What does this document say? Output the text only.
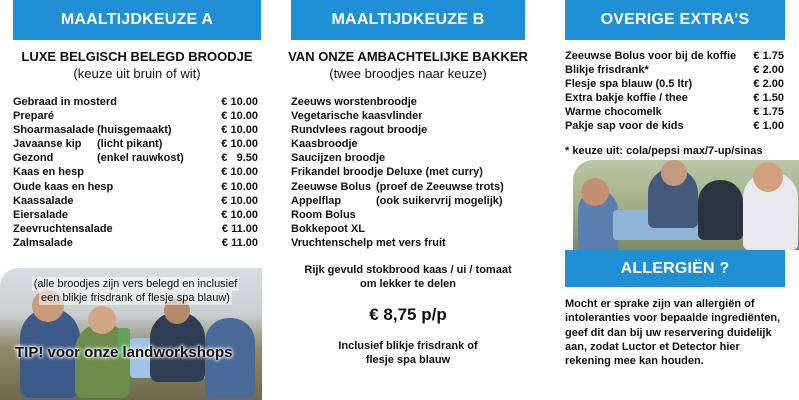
MAALTIJDKEUZE A
LUXE BELGISCH BELEGD BROODJE
(keuze uit bruin of wit)
Gebraad in mosterd	€ 10.00
Preparé	€ 10.00
Shoarmasalade (huisgemaakt)	€ 10.00
Javaanse kip (licht pikant)	€ 10.00
Gezond	(enkel rauwkost)	€   9.50
Kaas en hesp	€ 10.00
Oude kaas en hesp	€ 10.00
Kaassalade	€ 10.00
Eiersalade	€ 10.00
Zeevruchtensalade	€ 11.00
Zalmsalade	€ 11.00
(alle broodjes zijn vers belegd en inclusief
een blikje frisdrank of flesje spa blauw)
TIP! voor onze landworkshops
MAALTIJDKEUZE B
VAN ONZE AMBACHTELIJKE BAKKER
(twee broodjes naar keuze)
Zeeuws worstenbroodje
Vegetarische kaasvlinder
Rundvlees ragout broodje
Kaasbroodje
Saucijzen broodje
Frikandel broodje Deluxe (met curry)
Zeeuwse Bolus (proef de Zeeuwse trots)
Appelflap	(ook suikervrij mogelijk)
Room Bolus
Bokkepoot XL
Vruchtenschelp met vers fruit
Rijk gevuld stokbrood kaas / ui / tomaat
om lekker te delen
€ 8,75 p/p
Inclusief blikje frisdrank of
flesje spa blauw
OVERIGE EXTRA’S
Zeeuwse Bolus voor bij de koffie € 1.75
Blikje frisdrank*	€ 2.00
Flesje spa blauw (0.5 ltr)	€ 2.00
Extra bakje koffie / thee	€ 1.50
Warme chocomelk	€ 1.75
Pakje sap voor de kids	€ 1.00
* keuze uit: cola/pepsi max/7-up/sinas
ALLERGIËN ?
Mocht er sprake zijn van allergiën of
intoleranties voor bepaalde ingrediënten,
geef dit dan bij uw reservering duidelijk
aan, zodat Luctor et Detector hier
rekening mee kan houden.
